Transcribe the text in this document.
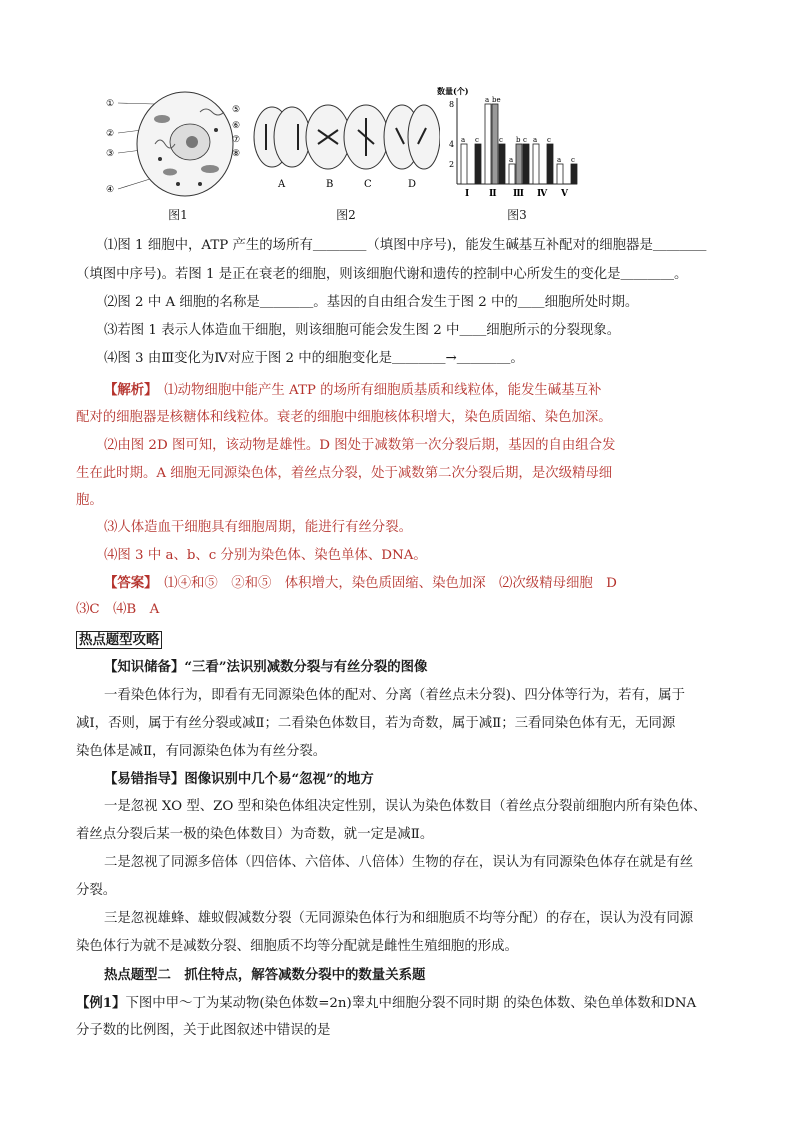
①
②
③
④
⑤
⑥
⑦
⑧
图1
A	B	C	D
图2
数量(个)
2
4
8
a c
Ⅰ
a be
c
Ⅱ
a
b c
Ⅲ
a c
Ⅳ
a c
Ⅴ
图3
⑴图 1 细胞中，ATP 产生的场所有＿＿＿＿（填图中序号)，能发生碱基互补配对的细胞器是＿＿＿＿
（填图中序号)。若图 1 是正在衰老的细胞，则该细胞代谢和遗传的控制中心所发生的变化是＿＿＿＿。
⑵图 2 中 A 细胞的名称是＿＿＿＿。基因的自由组合发生于图 2 中的＿＿细胞所处时期。
⑶若图 1 表示人体造血干细胞，则该细胞可能会发生图 2 中＿＿细胞所示的分裂现象。
⑷图 3 由Ⅲ变化为Ⅳ对应于图 2 中的细胞变化是＿＿＿＿→＿＿＿＿。
【解析】　 ⑴动物细胞中能产生 ATP 的场所有细胞质基质和线粒体，能发生碱基互补
配对的细胞器是核糖体和线粒体。衰老的细胞中细胞核体积增大，染色质固缩、染色加深。
⑵由图 2D 图可知，该动物是雄性。D 图处于减数第一次分裂后期，基因的自由组合发
生在此时期。A 细胞无同源染色体，着丝点分裂，处于减数第二次分裂后期，是次级精母细
胞。
⑶人体造血干细胞具有细胞周期，能进行有丝分裂。
⑷图 3 中 a、b、c 分别为染色体、染色单体、DNA。
【答案】　 ⑴④和⑤　②和⑤　体积增大，染色质固缩、染色加深　⑵次级精母细胞　D
⑶C　⑷B　A
热点题型攻略
【知识储备】“三看”法识别减数分裂与有丝分裂的图像
一看染色体行为，即看有无同源染色体的配对、分离（着丝点未分裂)、四分体等行为，若有，属于
减Ⅰ，否则，属于有丝分裂或减Ⅱ；二看染色体数目，若为奇数，属于减Ⅱ；三看同染色体有无，无同源
染色体是减Ⅱ，有同源染色体为有丝分裂。
【易错指导】图像识别中几个易“忽视”的地方
一是忽视 XO 型、ZO 型和染色体组决定性别，误认为染色体数目（着丝点分裂前细胞内所有染色体、
着丝点分裂后某一极的染色体数目）为奇数，就一定是减Ⅱ。
二是忽视了同源多倍体（四倍体、六倍体、八倍体）生物的存在，误认为有同源染色体存在就是有丝
分裂。
三是忽视雄蜂、雄蚁假减数分裂（无同源染色体行为和细胞质不均等分配）的存在，误认为没有同源
染色体行为就不是减数分裂、细胞质不均等分配就是雌性生殖细胞的形成。
热点题型二　抓住特点，解答减数分裂中的数量关系题
【例1】下图中甲～丁为某动物(染色体数=2n)睾丸中细胞分裂不同时期 的染色体数、染色单体数和DNA
分子数的比例图，关于此图叙述中错误的是
